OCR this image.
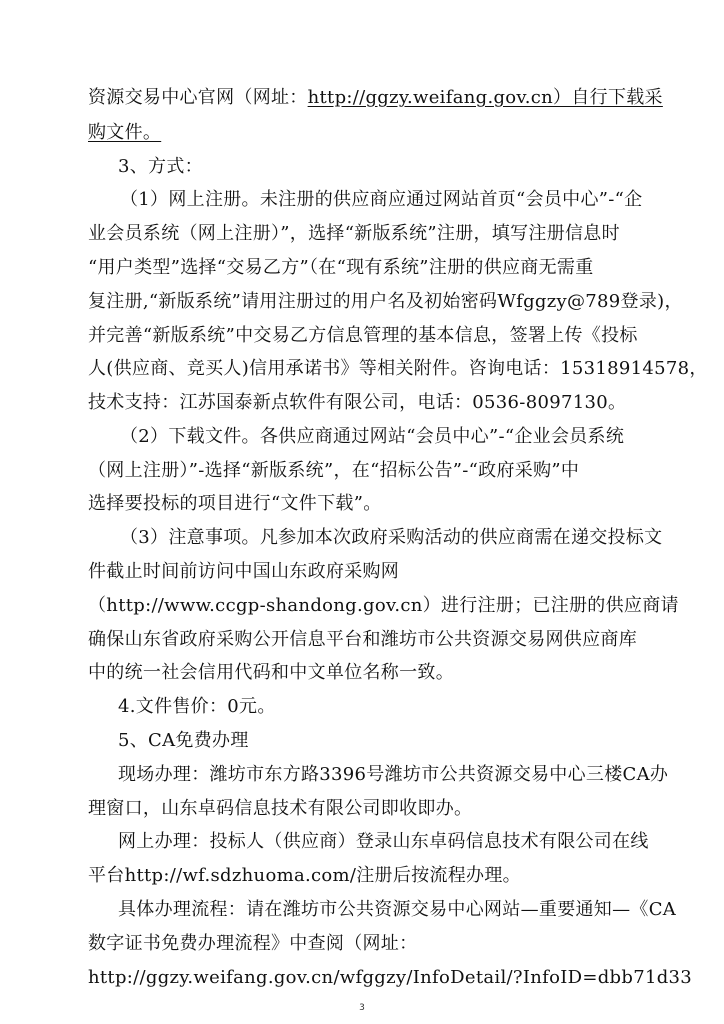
资源交易中心官网（网址：http://ggzy.weifang.gov.cn）自行下载采
购文件。
3、方式：
（1）网上注册。未注册的供应商应通过网站首页“会员中心”-“企
业会员系统（网上注册）”，选择“新版系统”注册，填写注册信息时
“用户类型”选择“交易乙方”（在“现有系统”注册的供应商无需重
复注册,“新版系统”请用注册过的用户名及初始密码Wfggzy@789登录)，
并完善“新版系统”中交易乙方信息管理的基本信息，签署上传《投标
人(供应商、竞买人)信用承诺书》等相关附件。咨询电话：15318914578，
技术支持：江苏国泰新点软件有限公司，电话：0536-8097130。
（2）下载文件。各供应商通过网站“会员中心”-“企业会员系统
（网上注册）”-选择“新版系统”，在“招标公告”-“政府采购”中
选择要投标的项目进行“文件下载”。
（3）注意事项。凡参加本次政府采购活动的供应商需在递交投标文
件截止时间前访问中国山东政府采购网
（http://www.ccgp-shandong.gov.cn）进行注册；已注册的供应商请
确保山东省政府采购公开信息平台和潍坊市公共资源交易网供应商库
中的统一社会信用代码和中文单位名称一致。
4.文件售价：0元。
5、CA免费办理
现场办理：潍坊市东方路3396号潍坊市公共资源交易中心三楼CA办
理窗口，山东卓码信息技术有限公司即收即办。
网上办理：投标人（供应商）登录山东卓码信息技术有限公司在线
平台http://wf.sdzhuoma.com/注册后按流程办理。
具体办理流程：请在潍坊市公共资源交易中心网站—重要通知—《CA
数字证书免费办理流程》中查阅（网址：
http://ggzy.weifang.gov.cn/wfggzy/InfoDetail/?InfoID=dbb71d33
3
